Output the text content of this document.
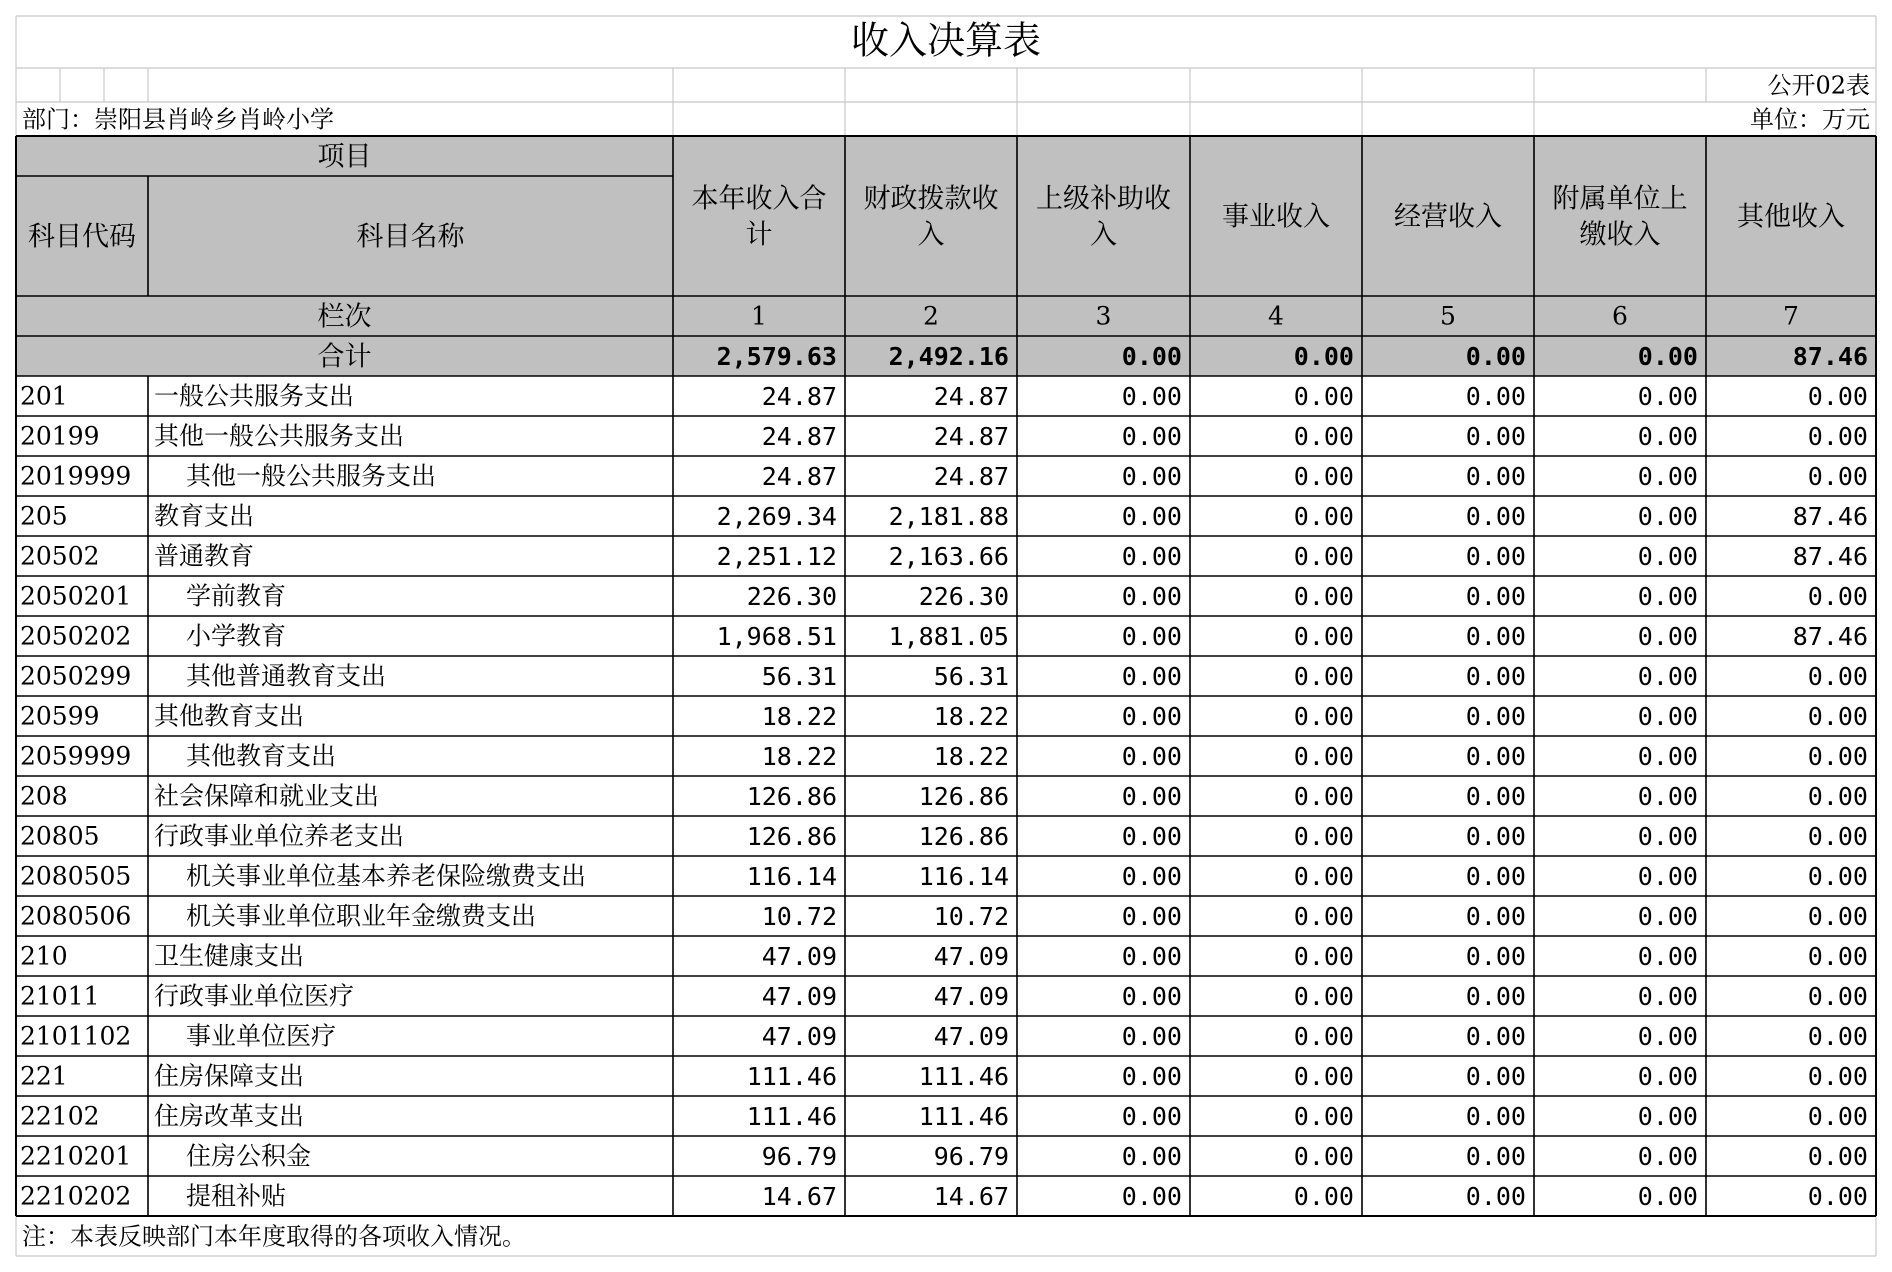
收入决算表
公开02表
部门：崇阳县肖岭乡肖岭小学	单位：万元
项目
科目代码	科目名称
本年收入合
计
财政拨款收
入
上级补助收
入
事业收入 经营收入
附属单位上
缴收入
其他收入
栏次	1	2	3	4	5	6	7
合计	2,579.63 2,492.16	0.00	0.00	0.00	0.00	87.46
201	一般公共服务支出	24.87	24.87	0.00	0.00	0.00	0.00	0.00
20199 其他一般公共服务支出	24.87	24.87	0.00	0.00	0.00	0.00	0.00
2019999 其他一般公共服务支出	24.87	24.87	0.00	0.00	0.00	0.00	0.00
205	教育支出	2,269.34 2,181.88	0.00	0.00	0.00	0.00	87.46
20502 普通教育	2,251.12 2,163.66	0.00	0.00	0.00	0.00	87.46
2050201 学前教育	226.30	226.30	0.00	0.00	0.00	0.00	0.00
2050202 小学教育	1,968.51 1,881.05	0.00	0.00	0.00	0.00	87.46
2050299 其他普通教育支出	56.31	56.31	0.00	0.00	0.00	0.00	0.00
20599 其他教育支出	18.22	18.22	0.00	0.00	0.00	0.00	0.00
2059999 其他教育支出	18.22	18.22	0.00	0.00	0.00	0.00	0.00
208	社会保障和就业支出	126.86	126.86	0.00	0.00	0.00	0.00	0.00
20805 行政事业单位养老支出	126.86	126.86	0.00	0.00	0.00	0.00	0.00
2080505 机关事业单位基本养老保险缴费支出	116.14	116.14	0.00	0.00	0.00	0.00	0.00
2080506 机关事业单位职业年金缴费支出	10.72	10.72	0.00	0.00	0.00	0.00	0.00
210	卫生健康支出	47.09	47.09	0.00	0.00	0.00	0.00	0.00
21011 行政事业单位医疗	47.09	47.09	0.00	0.00	0.00	0.00	0.00
2101102 事业单位医疗	47.09	47.09	0.00	0.00	0.00	0.00	0.00
221	住房保障支出	111.46	111.46	0.00	0.00	0.00	0.00	0.00
22102 住房改革支出	111.46	111.46	0.00	0.00	0.00	0.00	0.00
2210201 住房公积金	96.79	96.79	0.00	0.00	0.00	0.00	0.00
2210202 提租补贴	14.67	14.67	0.00	0.00	0.00	0.00	0.00
注：本表反映部门本年度取得的各项收入情况。
